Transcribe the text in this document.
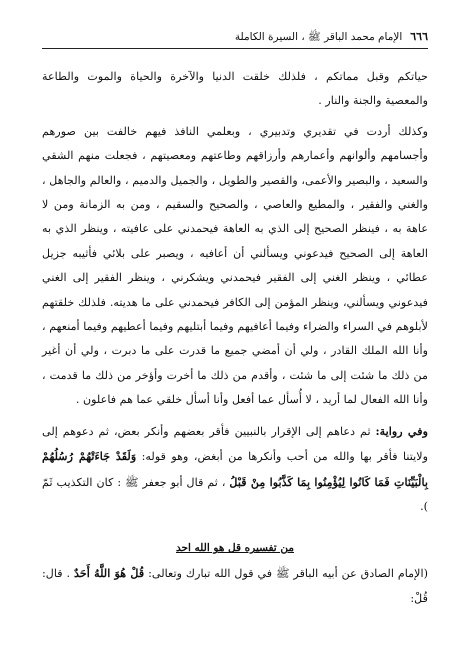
٦٦٦
الإمام محمد الباقر ﷺ ، السيرة الكاملة

حياتكم وقبل مماتكم ، فلذلك خلقت الدنيا والآخرة والحياة والموت والطاعة والمعصية والجنة والنار .

وكذلك أردت في تقديري وتدبيري ، وبعلمي النافذ فيهم خالفت بين صورهم وأجسامهم وألوانهم وأعمارهم وأرزاقهم وطاعتهم ومعصيتهم ، فجعلت منهم الشقي والسعيد ، والبصير والأعمى، والقصير والطويل ، والجميل والدميم ، والعالم والجاهل ، والغني والفقير ، والمطيع والعاصي ، والصحيح والسقيم ، ومن به الزمانة ومن لا عاهة به ، فينظر الصحيح إلى الذي به العاهة فيحمدني على عافيته ، وينظر الذي به العاهة إلى الصحيح فيدعوني ويسألني أن أعافيه ، ويصبر على بلائي فأثيبه جزيل عطائي ، وينظر الغني إلى الفقير فيحمدني ويشكرني ، وينظر الفقير إلى الغني فيدعوني ويسألني، وينظر المؤمن إلى الكافر فيحمدني على ما هديته. فلذلك خلقتهم لأبلوهم في السراء والضراء وفيما أعافيهم وفيما أبتليهم وفيما أعطيهم وفيما أمنعهم ، وأنا الله الملك القادر ، ولي أن أمضي جميع ما قدرت على ما دبرت ، ولي أن أغير من ذلك ما شئت إلى ما شئت ، وأقدم من ذلك ما أخرت وأؤخر من ذلك ما قدمت ، وأنا الله الفعال لما أريد ، لا أُسأل عما أفعل وأنا أسأل خلقي عما هم فاعلون .

وفي رواية: ثم دعاهم إلى الإقرار بالنبيين فأقر بعضهم وأنكر بعض، ثم دعوهم إلى ولايتنا فأقر بها والله من أحب وأنكرها من أبغض، وهو قوله: وَلَقَدْ جَاءَتْهُمْ رُسُلُهُمْ بِالْبَيِّنَاتِ فَمَا كَانُوا لِيُؤْمِنُوا بِمَا كَذَّبُوا مِنْ قَبْلُ ، ثم قال أبو جعفر ﷺ : كان التكذيب ثَمّ ).

من تفسيره قل هو الله احد

(الإمام الصادق عن أبيه الباقر ﷺ في قول الله تبارك وتعالى: قُلْ هُوَ اللَّهُ أَحَدٌ . قال: قُلْ:
